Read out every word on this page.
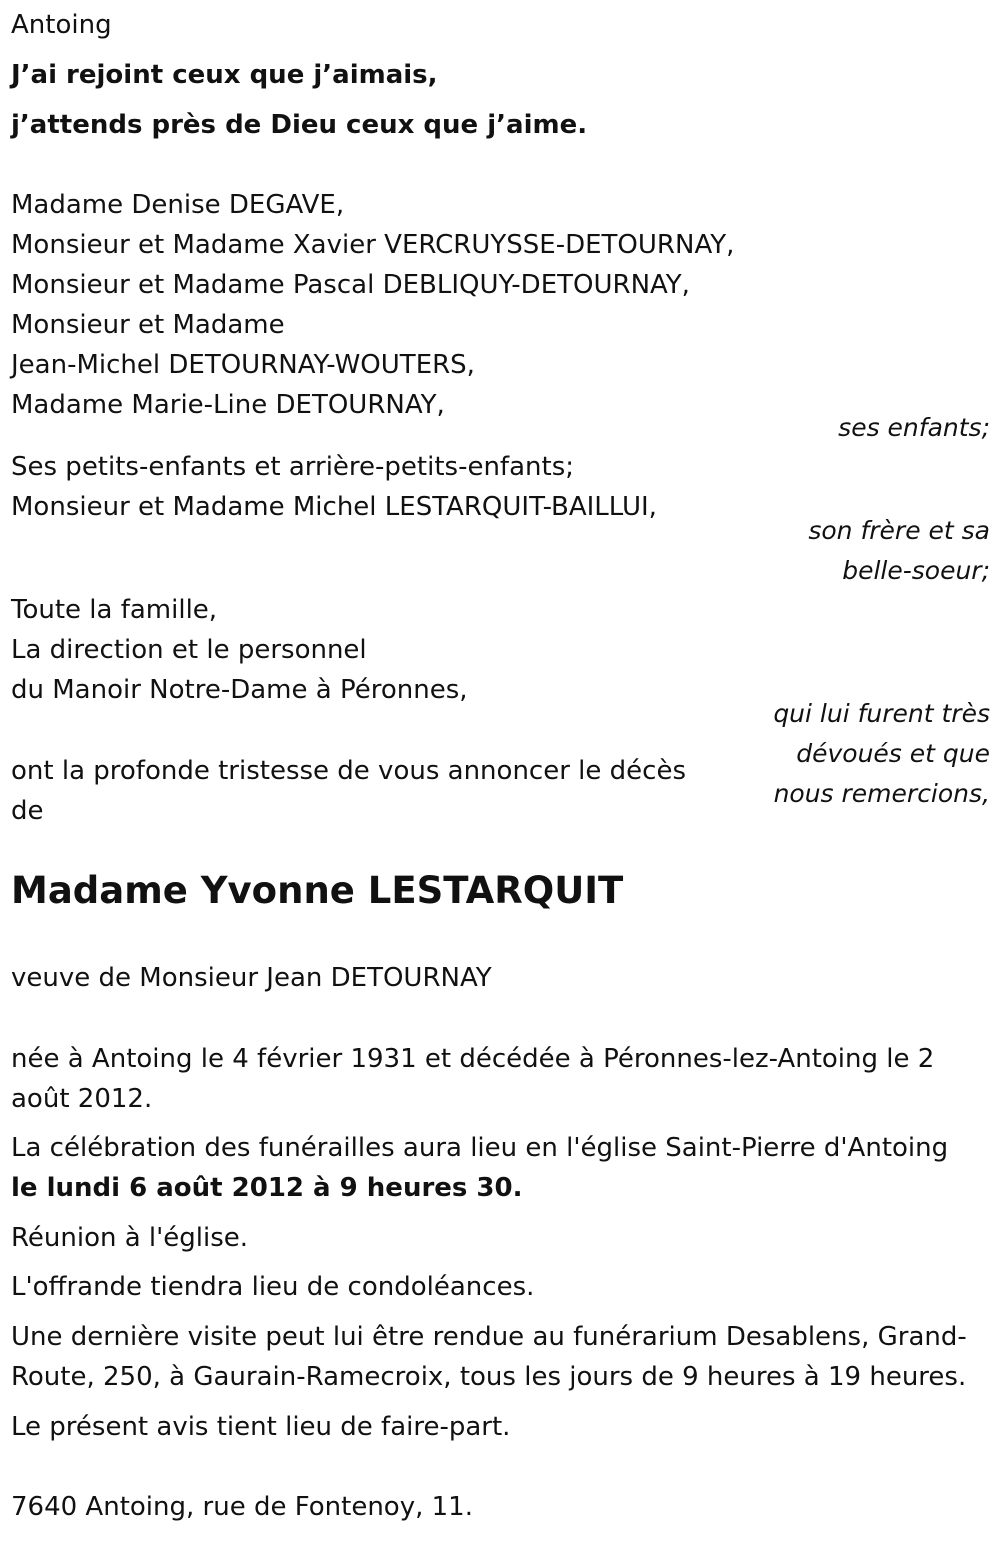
Antoing
J’ai rejoint ceux que j’aimais,
j’attends près de Dieu ceux que j’aime.
Madame Denise DEGAVE,
Monsieur et Madame Xavier VERCRUYSSE-DETOURNAY,
Monsieur et Madame Pascal DEBLIQUY-DETOURNAY,
Monsieur et Madame
Jean-Michel DETOURNAY-WOUTERS,
Madame Marie-Line DETOURNAY,
ses enfants;
Ses petits-enfants et arrière-petits-enfants;
Monsieur et Madame Michel LESTARQUIT-BAILLUI,
son frère et sa
belle-soeur;
Toute la famille,
La direction et le personnel
du Manoir Notre-Dame à Péronnes,
qui lui furent très
dévoués et que
nous remercions,
ont la profonde tristesse de vous annoncer le décès
de
Madame Yvonne LESTARQUIT
veuve de Monsieur Jean DETOURNAY
née à Antoing le 4 février 1931 et décédée à Péronnes-lez-Antoing le 2
août 2012.
La célébration des funérailles aura lieu en l'église Saint-Pierre d'Antoing
le lundi 6 août 2012 à 9 heures 30.
Réunion à l'église.
L'offrande tiendra lieu de condoléances.
Une dernière visite peut lui être rendue au funérarium Desablens, Grand-
Route, 250, à Gaurain-Ramecroix, tous les jours de 9 heures à 19 heures.
Le présent avis tient lieu de faire-part.
7640 Antoing, rue de Fontenoy, 11.
